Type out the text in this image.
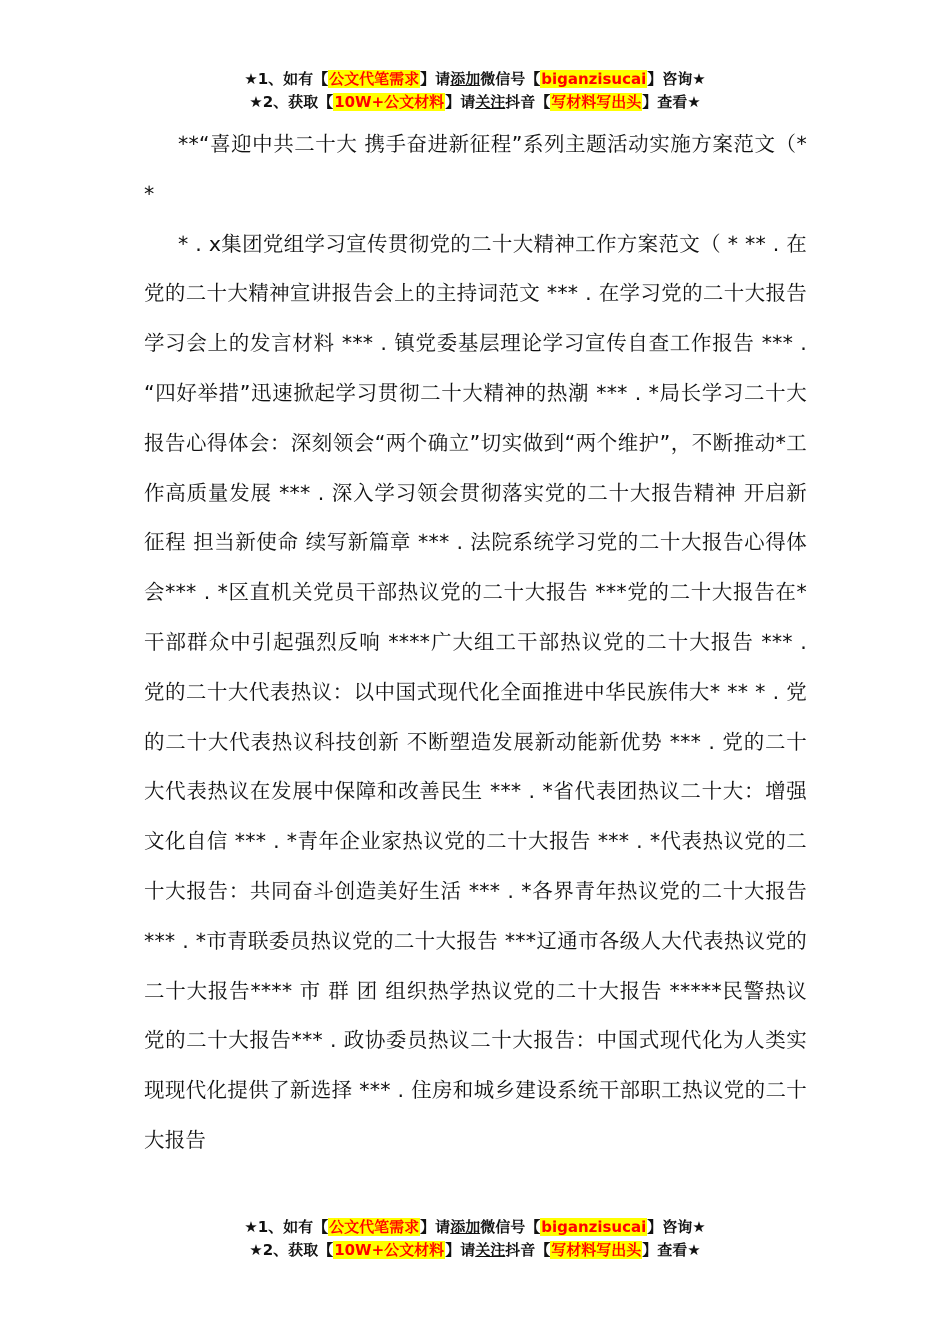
★1、如有【公文代笔需求】请添加微信号【biganzisucai】咨询★
★2、获取【10W+公文材料】请关注抖音【写材料写出头】查看★

**“喜迎中共二十大 携手奋进新征程”系列主题活动实施方案范文（* *

* . x集团党组学习宣传贯彻党的二十大精神工作方案范文（ * ** . 在党的二十大精神宣讲报告会上的主持词范文 *** . 在学习党的二十大报告学习会上的发言材料 *** . 镇党委基层理论学习宣传自查工作报告 *** . “四好举措”迅速掀起学习贯彻二十大精神的热潮 *** . *局长学习二十大报告心得体会：深刻领会“两个确立”切实做到“两个维护”，不断推动*工作高质量发展 *** . 深入学习领会贯彻落实党的二十大报告精神 开启新征程 担当新使命 续写新篇章 *** . 法院系统学习党的二十大报告心得体会*** . *区直机关党员干部热议党的二十大报告 ***党的二十大报告在*干部群众中引起强烈反响 ****广大组工干部热议党的二十大报告 *** . 党的二十大代表热议：以中国式现代化全面推进中华民族伟大* ** * . 党的二十大代表热议科技创新 不断塑造发展新动能新优势 *** . 党的二十大代表热议在发展中保障和改善民生 *** . *省代表团热议二十大：增强文化自信 *** . *青年企业家热议党的二十大报告 *** . *代表热议党的二十大报告：共同奋斗创造美好生活 *** . *各界青年热议党的二十大报告 *** . *市青联委员热议党的二十大报告 ***辽通市各级人大代表热议党的二十大报告**** 市 群 团 组织热学热议党的二十大报告 *****民警热议党的二十大报告*** . 政协委员热议二十大报告：中国式现代化为人类实现现代化提供了新选择 *** . 住房和城乡建设系统干部职工热议党的二十大报告

★1、如有【公文代笔需求】请添加微信号【biganzisucai】咨询★
★2、获取【10W+公文材料】请关注抖音【写材料写出头】查看★
